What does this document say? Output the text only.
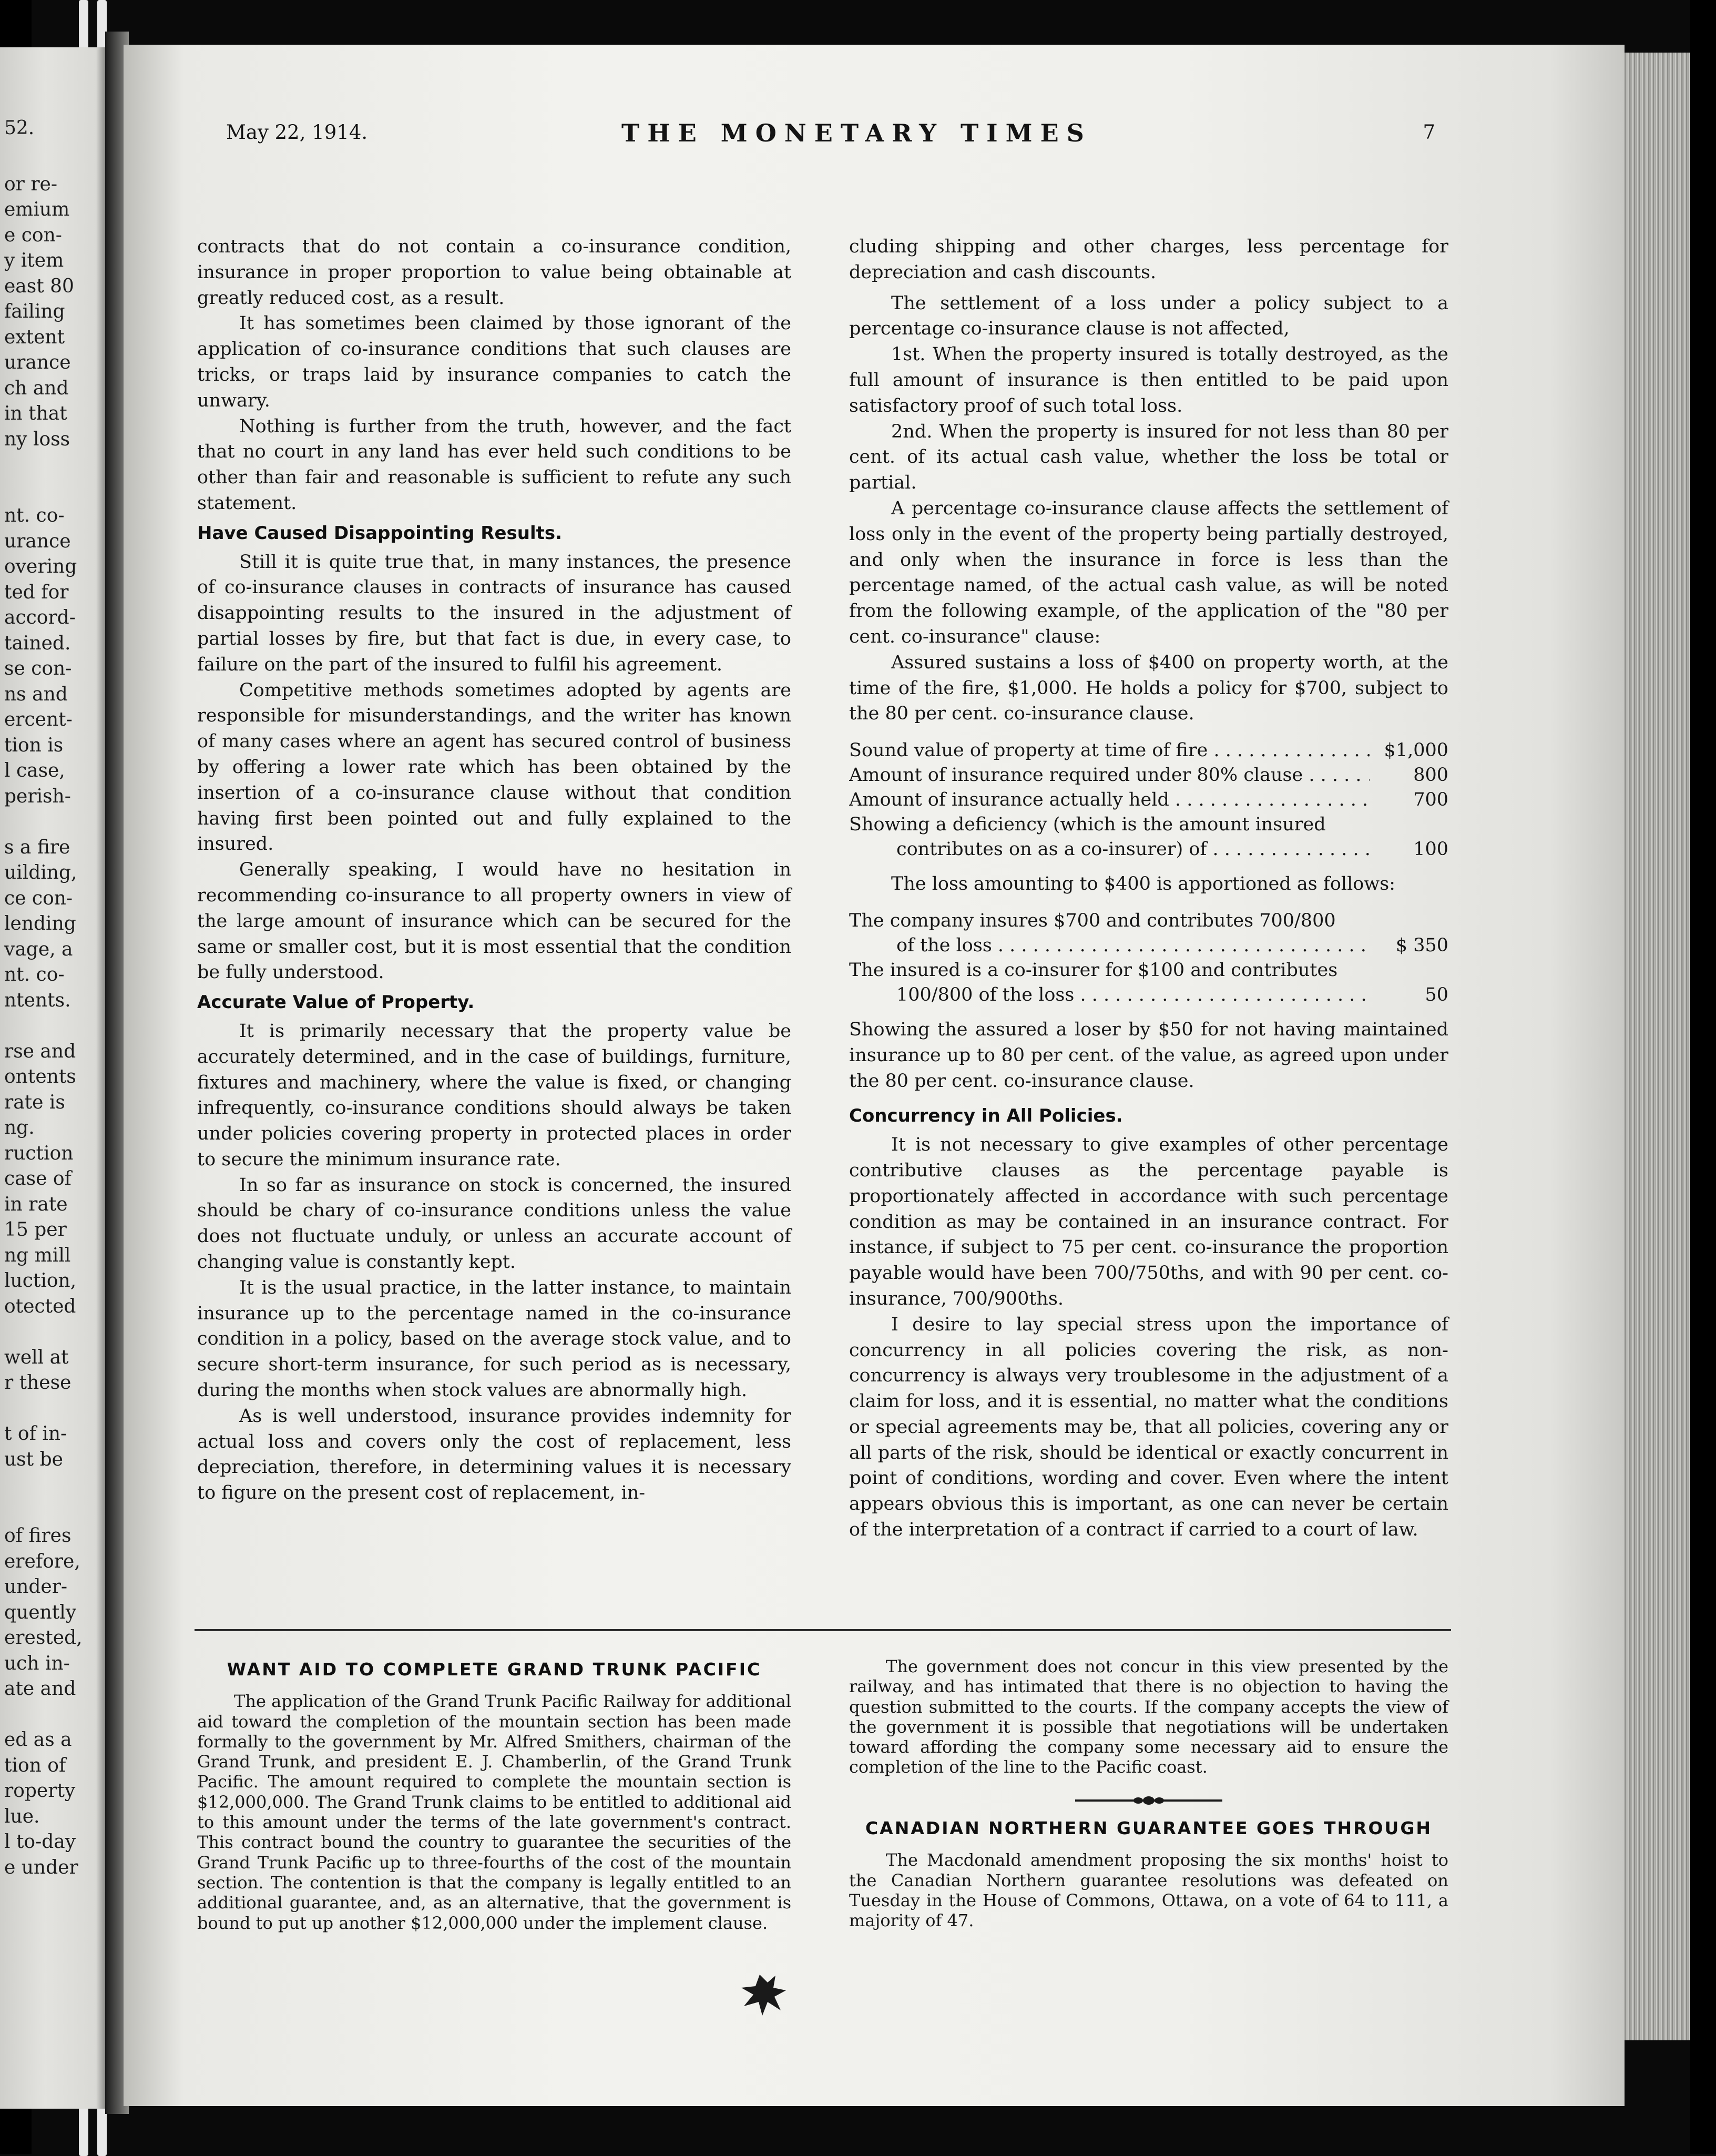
52.
or re-
emium
e con-
y item
east 80
failing
extent
urance
ch and
in that
ny loss

nt. co-
urance
overing
ted for
accord-
tained.
se con-
ns and
ercent-
tion is
l case,
perish-

s a fire
uilding,
ce con-
lending
vage, a
nt. co-
ntents.

rse and
ontents
rate is
ng.
ruction
case of
in rate
15 per
ng mill
luction,
otected

well at
r these

t of in-
ust be

of fires
erefore,
under-
quently
erested,
uch in-
ate and

ed as a
tion of
roperty
lue.
l to-day
e under
May 22, 1914.	THE MONETARY TIMES	7

contracts that do not contain a co-insurance condition, insurance in proper proportion to value being obtainable at greatly reduced cost, as a result.

It has sometimes been claimed by those ignorant of the application of co-insurance conditions that such clauses are tricks, or traps laid by insurance companies to catch the unwary.

Nothing is further from the truth, however, and the fact that no court in any land has ever held such conditions to be other than fair and reasonable is sufficient to refute any such statement.

Have Caused Disappointing Results.

Still it is quite true that, in many instances, the presence of co-insurance clauses in contracts of insurance has caused disappointing results to the insured in the adjustment of partial losses by fire, but that fact is due, in every case, to failure on the part of the insured to fulfil his agreement.

Competitive methods sometimes adopted by agents are responsible for misunderstandings, and the writer has known of many cases where an agent has secured control of business by offering a lower rate which has been obtained by the insertion of a co-insurance clause without that condition having first been pointed out and fully explained to the insured.

Generally speaking, I would have no hesitation in recommending co-insurance to all property owners in view of the large amount of insurance which can be secured for the same or smaller cost, but it is most essential that the condition be fully understood.

Accurate Value of Property.

It is primarily necessary that the property value be accurately determined, and in the case of buildings, furniture, fixtures and machinery, where the value is fixed, or changing infrequently, co-insurance conditions should always be taken under policies covering property in protected places in order to secure the minimum insurance rate.

In so far as insurance on stock is concerned, the insured should be chary of co-insurance conditions unless the value does not fluctuate unduly, or unless an accurate account of changing value is constantly kept.

It is the usual practice, in the latter instance, to maintain insurance up to the percentage named in the co-insurance condition in a policy, based on the average stock value, and to secure short-term insurance, for such period as is necessary, during the months when stock values are abnormally high.

As is well understood, insurance provides indemnity for actual loss and covers only the cost of replacement, less depreciation, therefore, in determining values it is necessary to figure on the present cost of replacement, in-

cluding shipping and other charges, less percentage for depreciation and cash discounts.

The settlement of a loss under a policy subject to a percentage co-insurance clause is not affected,

1st. When the property insured is totally destroyed, as the full amount of insurance is then entitled to be paid upon satisfactory proof of such total loss.

2nd. When the property is insured for not less than 80 per cent. of its actual cash value, whether the loss be total or partial.

A percentage co-insurance clause affects the settlement of loss only in the event of the property being partially destroyed, and only when the insurance in force is less than the percentage named, of the actual cash value, as will be noted from the following example, of the application of the "80 per cent. co-insurance" clause:

Assured sustains a loss of $400 on property worth, at the time of the fire, $1,000. He holds a policy for $700, subject to the 80 per cent. co-insurance clause.

Sound value of property at time of fire . . .	$1,000
Amount of insurance required under 80% clause . . .	800
Amount of insurance actually held . . .	700
Showing a deficiency (which is the amount insured
contributes on as a co-insurer) of . . .	100

The loss amounting to $400 is apportioned as follows:

The company insures $700 and contributes 700/800
of the loss . . .	$ 350
The insured is a co-insurer for $100 and contributes
100/800 of the loss . . .	50

Showing the assured a loser by $50 for not having maintained insurance up to 80 per cent. of the value, as agreed upon under the 80 per cent. co-insurance clause.

Concurrency in All Policies.

It is not necessary to give examples of other percentage contributive clauses as the percentage payable is proportionately affected in accordance with such percentage condition as may be contained in an insurance contract. For instance, if subject to 75 per cent. co-insurance the proportion payable would have been 700/750ths, and with 90 per cent. co-insurance, 700/900ths.

I desire to lay special stress upon the importance of concurrency in all policies covering the risk, as non-concurrency is always very troublesome in the adjustment of a claim for loss, and it is essential, no matter what the conditions or special agreements may be, that all policies, covering any or all parts of the risk, should be identical or exactly concurrent in point of conditions, wording and cover. Even where the intent appears obvious this is important, as one can never be certain of the interpretation of a contract if carried to a court of law.

WANT AID TO COMPLETE GRAND TRUNK PACIFIC

The application of the Grand Trunk Pacific Railway for additional aid toward the completion of the mountain section has been made formally to the government by Mr. Alfred Smithers, chairman of the Grand Trunk, and president E. J. Chamberlin, of the Grand Trunk Pacific. The amount required to complete the mountain section is $12,000,000. The Grand Trunk claims to be entitled to additional aid to this amount under the terms of the late government's contract. This contract bound the country to guarantee the securities of the Grand Trunk Pacific up to three-fourths of the cost of the mountain section. The contention is that the company is legally entitled to an additional guarantee, and, as an alternative, that the government is bound to put up another $12,000,000 under the implement clause.

The government does not concur in this view presented by the railway, and has intimated that there is no objection to having the question submitted to the courts. If the company accepts the view of the government it is possible that negotiations will be undertaken toward affording the company some necessary aid to ensure the completion of the line to the Pacific coast.

CANADIAN NORTHERN GUARANTEE GOES THROUGH

The Macdonald amendment proposing the six months' hoist to the Canadian Northern guarantee resolutions was defeated on Tuesday in the House of Commons, Ottawa, on a vote of 64 to 111, a majority of 47.
